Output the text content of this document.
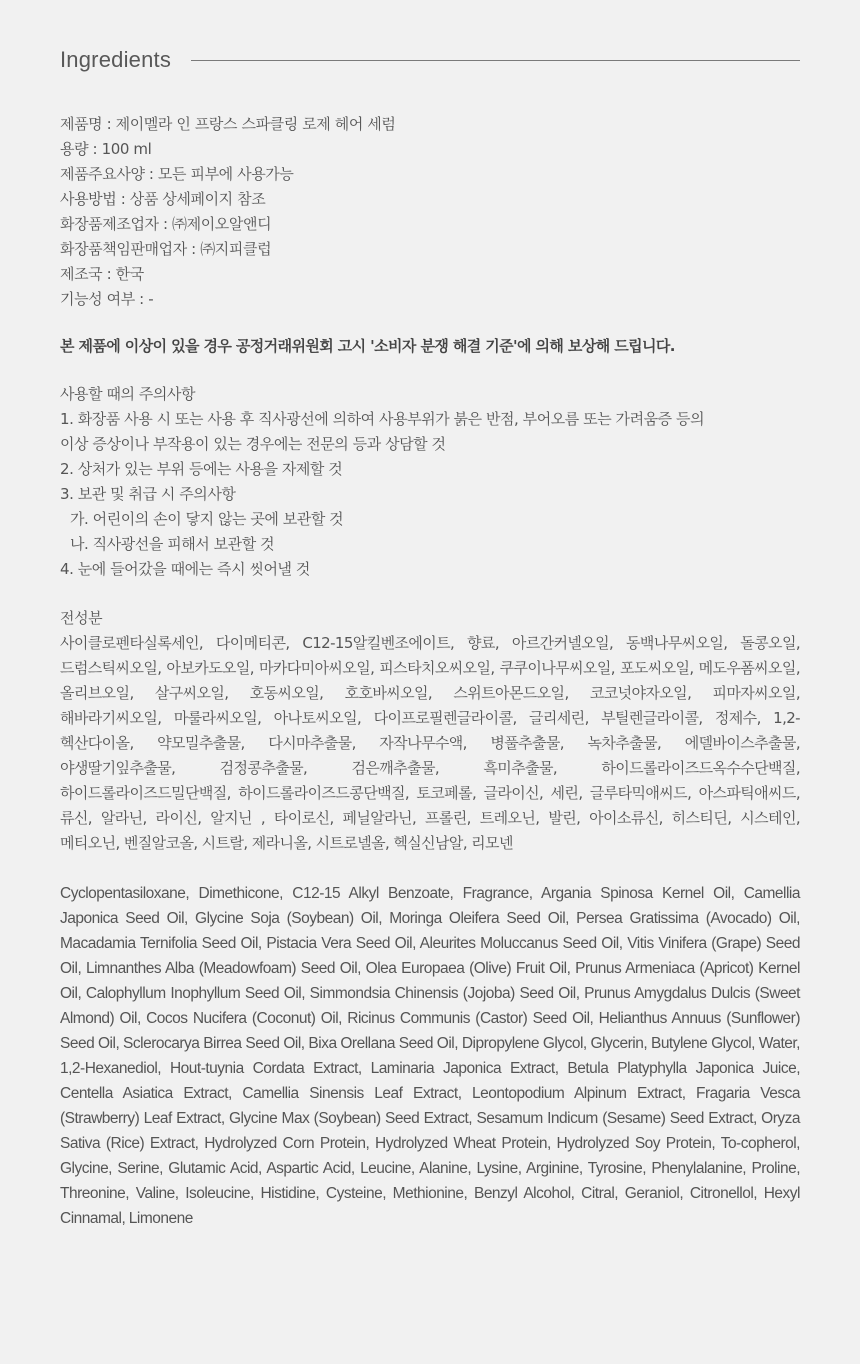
Ingredients
제품명 : 제이멜라 인 프랑스 스파클링 로제 헤어 세럼
용량 : 100 ml
제품주요사양 : 모든 피부에 사용가능
사용방법 : 상품 상세페이지 참조
화장품제조업자 : ㈜제이오알앤디
화장품책임판매업자 : ㈜지피클럽
제조국 : 한국
기능성 여부 : -
본 제품에 이상이 있을 경우 공정거래위원회 고시 '소비자 분쟁 해결 기준'에 의해 보상해 드립니다.
사용할 때의 주의사항
1. 화장품 사용 시 또는 사용 후 직사광선에 의하여 사용부위가 붉은 반점, 부어오름 또는 가려움증 등의
이상 증상이나 부작용이 있는 경우에는 전문의 등과 상담할 것
2. 상처가 있는 부위 등에는 사용을 자제할 것
3. 보관 및 취급 시 주의사항
가. 어린이의 손이 닿지 않는 곳에 보관할 것
나. 직사광선을 피해서 보관할 것
4. 눈에 들어갔을 때에는 즉시 씻어낼 것
전성분
사이클로펜타실록세인, 다이메티콘, C12-15알킬벤조에이트, 향료, 아르간커넬오일, 동백나무씨오일, 돌콩오일, 드럼스틱씨오일, 아보카도오일, 마카다미아씨오일, 피스타치오씨오일, 쿠쿠이나무씨오일, 포도씨오일, 메도우폼씨오일, 올리브오일, 살구씨오일, 호동씨오일, 호호바씨오일, 스위트아몬드오일, 코코넛야자오일, 피마자씨오일, 해바라기씨오일, 마룰라씨오일, 아나토씨오일, 다이프로필렌글라이콜, 글리세린, 부틸렌글라이콜, 정제수, 1,2-헥산다이올, 약모밀추출물, 다시마추출물, 자작나무수액, 병풀추출물, 녹차추출물, 에델바이스추출물, 야생딸기잎추출물, 검정콩추출물, 검은깨추출물, 흑미추출물, 하이드롤라이즈드옥수수단백질, 하이드롤라이즈드밀단백질, 하이드롤라이즈드콩단백질, 토코페롤, 글라이신, 세린, 글루타믹애씨드, 아스파틱애씨드, 류신, 알라닌, 라이신, 알지닌 , 타이로신, 페닐알라닌, 프롤린, 트레오닌, 발린, 아이소류신, 히스티딘, 시스테인, 메티오닌, 벤질알코올, 시트랄, 제라니올, 시트로넬올, 헥실신남알, 리모넨
Cyclopentasiloxane, Dimethicone, C12-15 Alkyl Benzoate, Fragrance, Argania Spinosa Kernel Oil, Camellia Japonica Seed Oil, Glycine Soja (Soybean) Oil, Moringa Oleifera Seed Oil, Persea Gratissima (Avocado) Oil, Macadamia Ternifolia Seed Oil, Pistacia Vera Seed Oil, Aleurites Moluccanus Seed Oil, Vitis Vinifera (Grape) Seed Oil, Limnanthes Alba (Meadowfoam) Seed Oil, Olea Europaea (Olive) Fruit Oil, Prunus Armeniaca (Apricot) Kernel Oil, Calophyllum Inophyllum Seed Oil, Simmondsia Chinensis (Jojoba) Seed Oil, Prunus Amygdalus Dulcis (Sweet Almond) Oil, Cocos Nucifera (Coconut) Oil, Ricinus Communis (Castor) Seed Oil, Helianthus Annuus (Sunflower) Seed Oil, Sclerocarya Birrea Seed Oil, Bixa Orellana Seed Oil, Dipropylene Glycol, Glycerin, Butylene Glycol, Water, 1,2-Hexanediol, Hout-tuynia Cordata Extract, Laminaria Japonica Extract, Betula Platyphylla Japonica Juice, Centella Asiatica Extract, Camellia Sinensis Leaf Extract, Leontopodium Alpinum Extract, Fragaria Vesca (Strawberry) Leaf Extract, Glycine Max (Soybean) Seed Extract, Sesamum Indicum (Sesame) Seed Extract, Oryza Sativa (Rice) Extract, Hydrolyzed Corn Protein, Hydrolyzed Wheat Protein, Hydrolyzed Soy Protein, To-copherol, Glycine, Serine, Glutamic Acid, Aspartic Acid, Leucine, Alanine, Lysine, Arginine, Tyrosine, Phenylalanine, Proline, Threonine, Valine, Isoleucine, Histidine, Cysteine, Methionine, Benzyl Alcohol, Citral, Geraniol, Citronellol, Hexyl Cinnamal, Limonene
